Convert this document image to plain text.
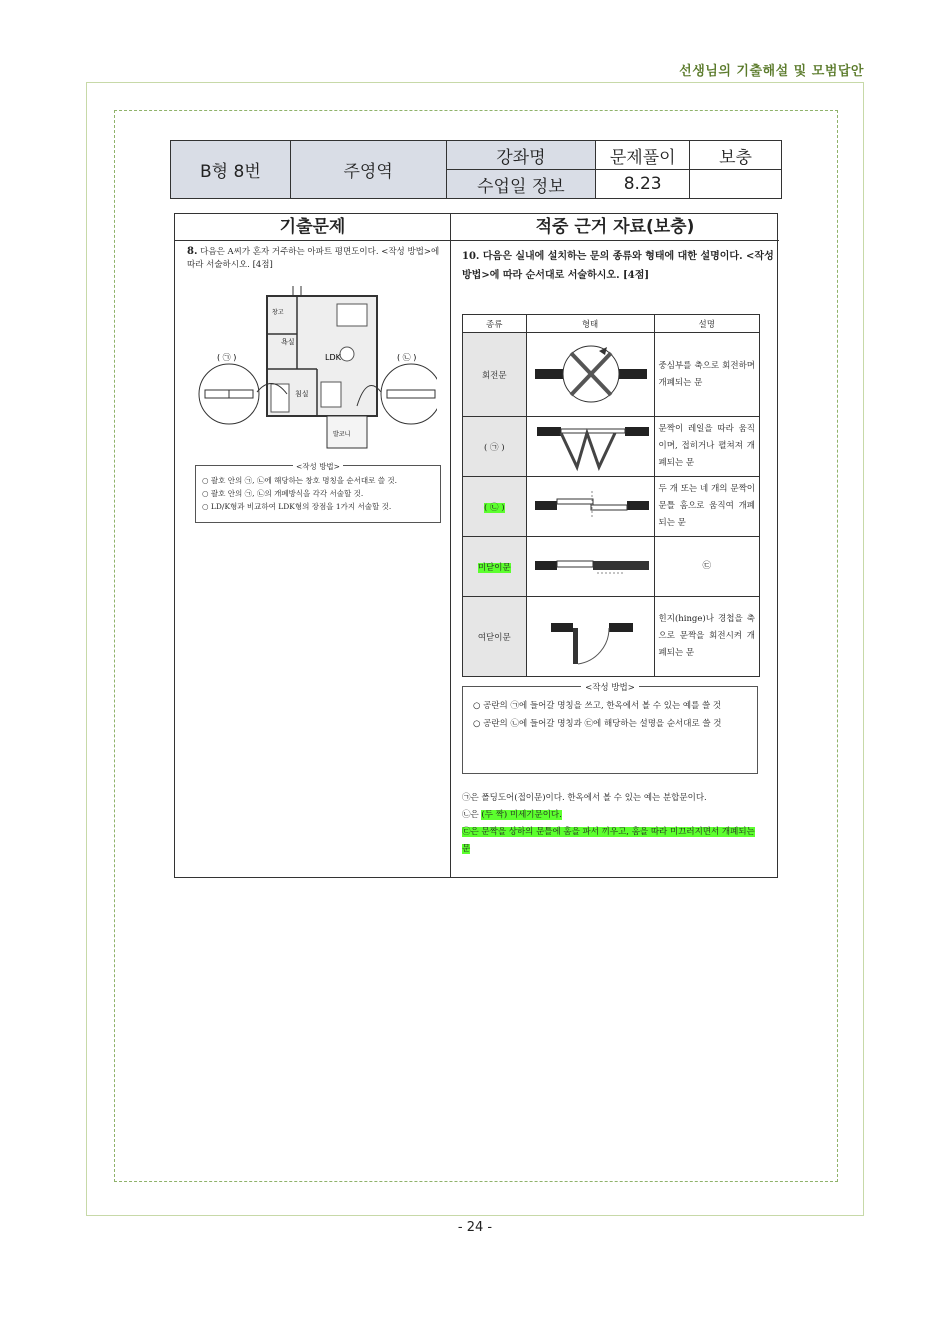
선생님의 기출해설 및 모범답안
B형 8번	주영역	강좌명	문제풀이	보충
		수업일 정보	8.23	
기출문제	적중 근거 자료(보충)
8. 다음은 A씨가 혼자 거주하는 아파트 평면도이다. <작성 방법>에 따라 서술하시오. [4점]
욕실
LDK
침실
발코니
창고
( ㉠ )	( ㉡ )
<작성 방법>
○ 괄호 안의 ㉠, ㉡에 해당하는 창호 명칭을 순서대로 쓸 것.
○ 괄호 안의 ㉠, ㉡의 개폐방식을 각각 서술할 것.
○ LD/K형과 비교하여 LDK형의 장점을 1가지 서술할 것.
10. 다음은 실내에 설치하는 문의 종류와 형태에 대한 설명이다. <작성 방법>에 따라 순서대로 서술하시오. [4점]
종류	형태	설명
회전문		중심부를 축으로 회전하며 개폐되는 문
( ㉠ )		문짝이 레일을 따라 움직이며, 접히거나 펼쳐져 개폐되는 문
( ㉡ )		두 개 또는 네 개의 문짝이 문틀 홈으로 움직여 개폐되는 문
미닫이문		㉢
여닫이문		힌지(hinge)나 경첩을 축으로 문짝을 회전시켜 개폐되는 문
<작성 방법>
○ 공란의 ㉠에 들어갈 명칭을 쓰고, 한옥에서 볼 수 있는 예를 쓸 것
○ 공란의 ㉡에 들어갈 명칭과 ㉢에 해당하는 설명을 순서대로 쓸 것
㉠은 폴딩도어(접이문)이다. 한옥에서 볼 수 있는 예는 분합문이다.
㉡은 (두 짝) 미세기문이다.
㉢은 문짝을 상하의 문틀에 홈을 파서 끼우고, 홈을 따라 미끄러지면서 개폐되는 문
- 24 -
